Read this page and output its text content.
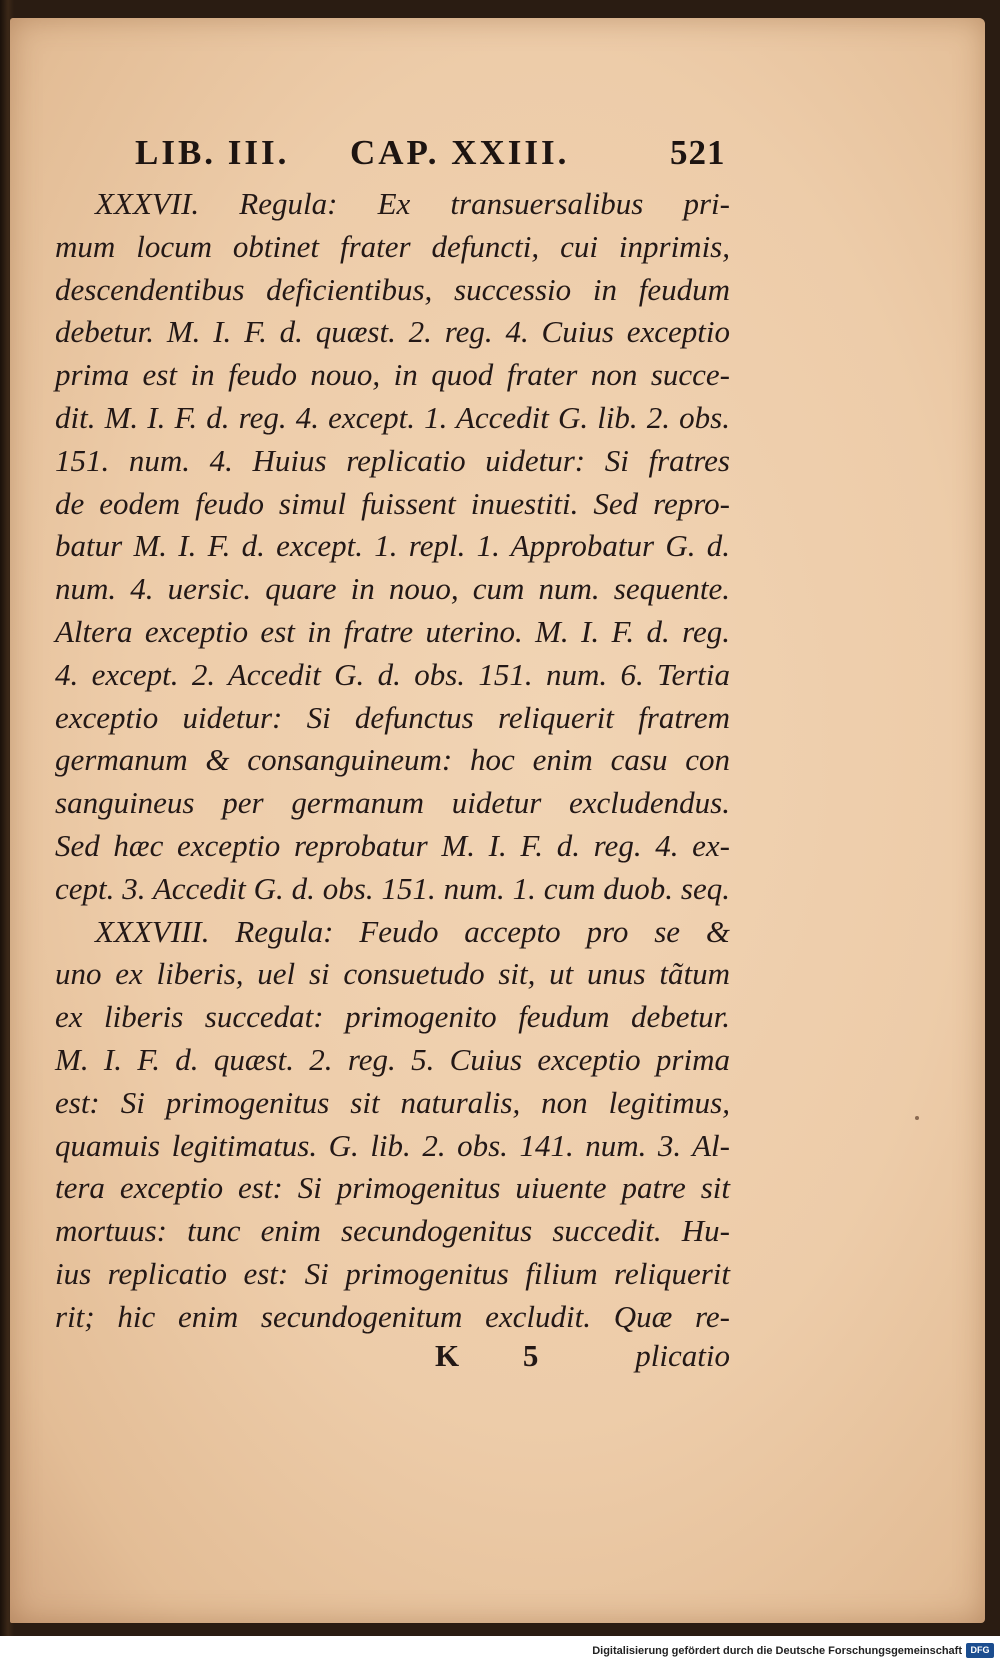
LIB. III. CAP. XXIII.	521
XXXVII. Regula: Ex transuersalibus pri-
mum locum obtinet frater defuncti, cui inprimis,
descendentibus deficientibus, successio in feudum
debetur. M. I. F. d. quæst. 2. reg. 4. Cuius exceptio
prima est in feudo nouo, in quod frater non succe-
dit. M. I. F. d. reg. 4. except. 1. Accedit G. lib. 2. obs.
151. num. 4. Huius replicatio uidetur: Si fratres
de eodem feudo simul fuissent inuestiti. Sed repro-
batur M. I. F. d. except. 1. repl. 1. Approbatur G. d.
num. 4. uersic. quare in nouo, cum num. sequente.
Altera exceptio est in fratre uterino. M. I. F. d. reg.
4. except. 2. Accedit G. d. obs. 151. num. 6. Tertia
exceptio uidetur: Si defunctus reliquerit fratrem
germanum & consanguineum: hoc enim casu con
sanguineus per germanum uidetur excludendus.
Sed hæc exceptio reprobatur M. I. F. d. reg. 4. ex-
cept. 3. Accedit G. d. obs. 151. num. 1. cum duob. seq.
XXXVIII. Regula: Feudo accepto pro se &
uno ex liberis, uel si consuetudo sit, ut unus tãtum
ex liberis succedat: primogenito feudum debetur.
M. I. F. d. quæst. 2. reg. 5. Cuius exceptio prima
est: Si primogenitus sit naturalis, non legitimus,
quamuis legitimatus. G. lib. 2. obs. 141. num. 3. Al-
tera exceptio est: Si primogenitus uiuente patre sit
mortuus: tunc enim secundogenitus succedit. Hu-
ius replicatio est: Si primogenitus filium reliquerit
rit; hic enim secundogenitum excludit. Quæ re-
K 5 plicatio
Digitalisierung gefördert durch die Deutsche Forschungsgemeinschaft DFG
